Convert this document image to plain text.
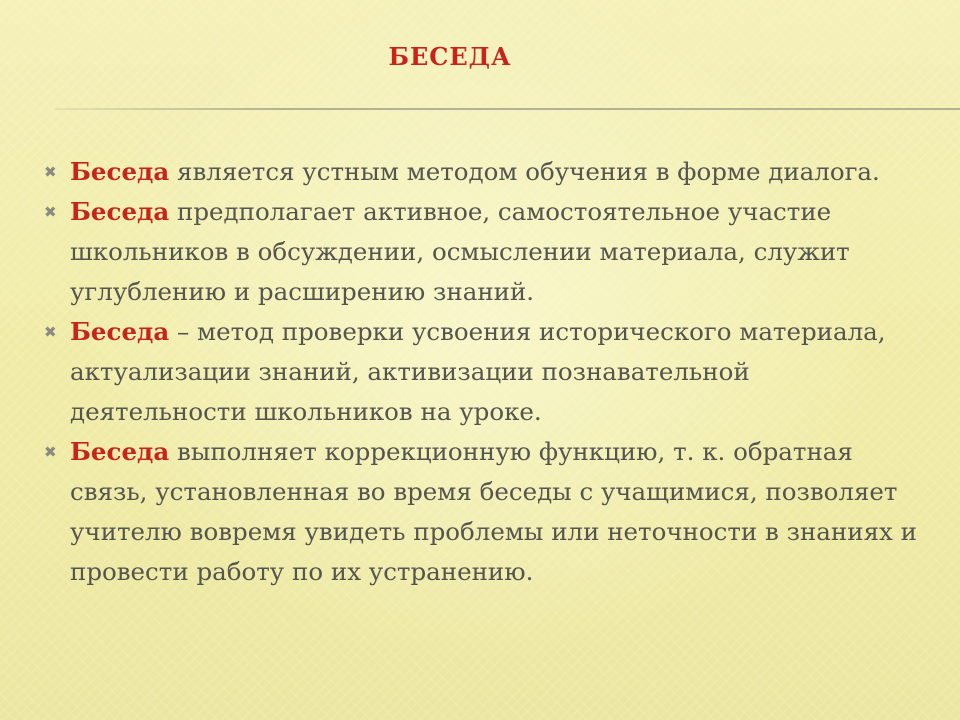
БЕСЕДА
✖ Беседа является устным методом обучения в форме диалога.
✖ Беседа предполагает активное, самостоятельное участие школьников в обсуждении, осмыслении материала, служит углублению и расширению знаний.
✖ Беседа – метод проверки усвоения исторического материала, актуализации знаний, активизации познавательной деятельности школьников на уроке.
✖ Беседа выполняет коррекционную функцию, т. к. обратная связь, установленная во время беседы с учащимися, позволяет учителю вовремя увидеть проблемы или неточности в знаниях и провести работу по их устранению.
